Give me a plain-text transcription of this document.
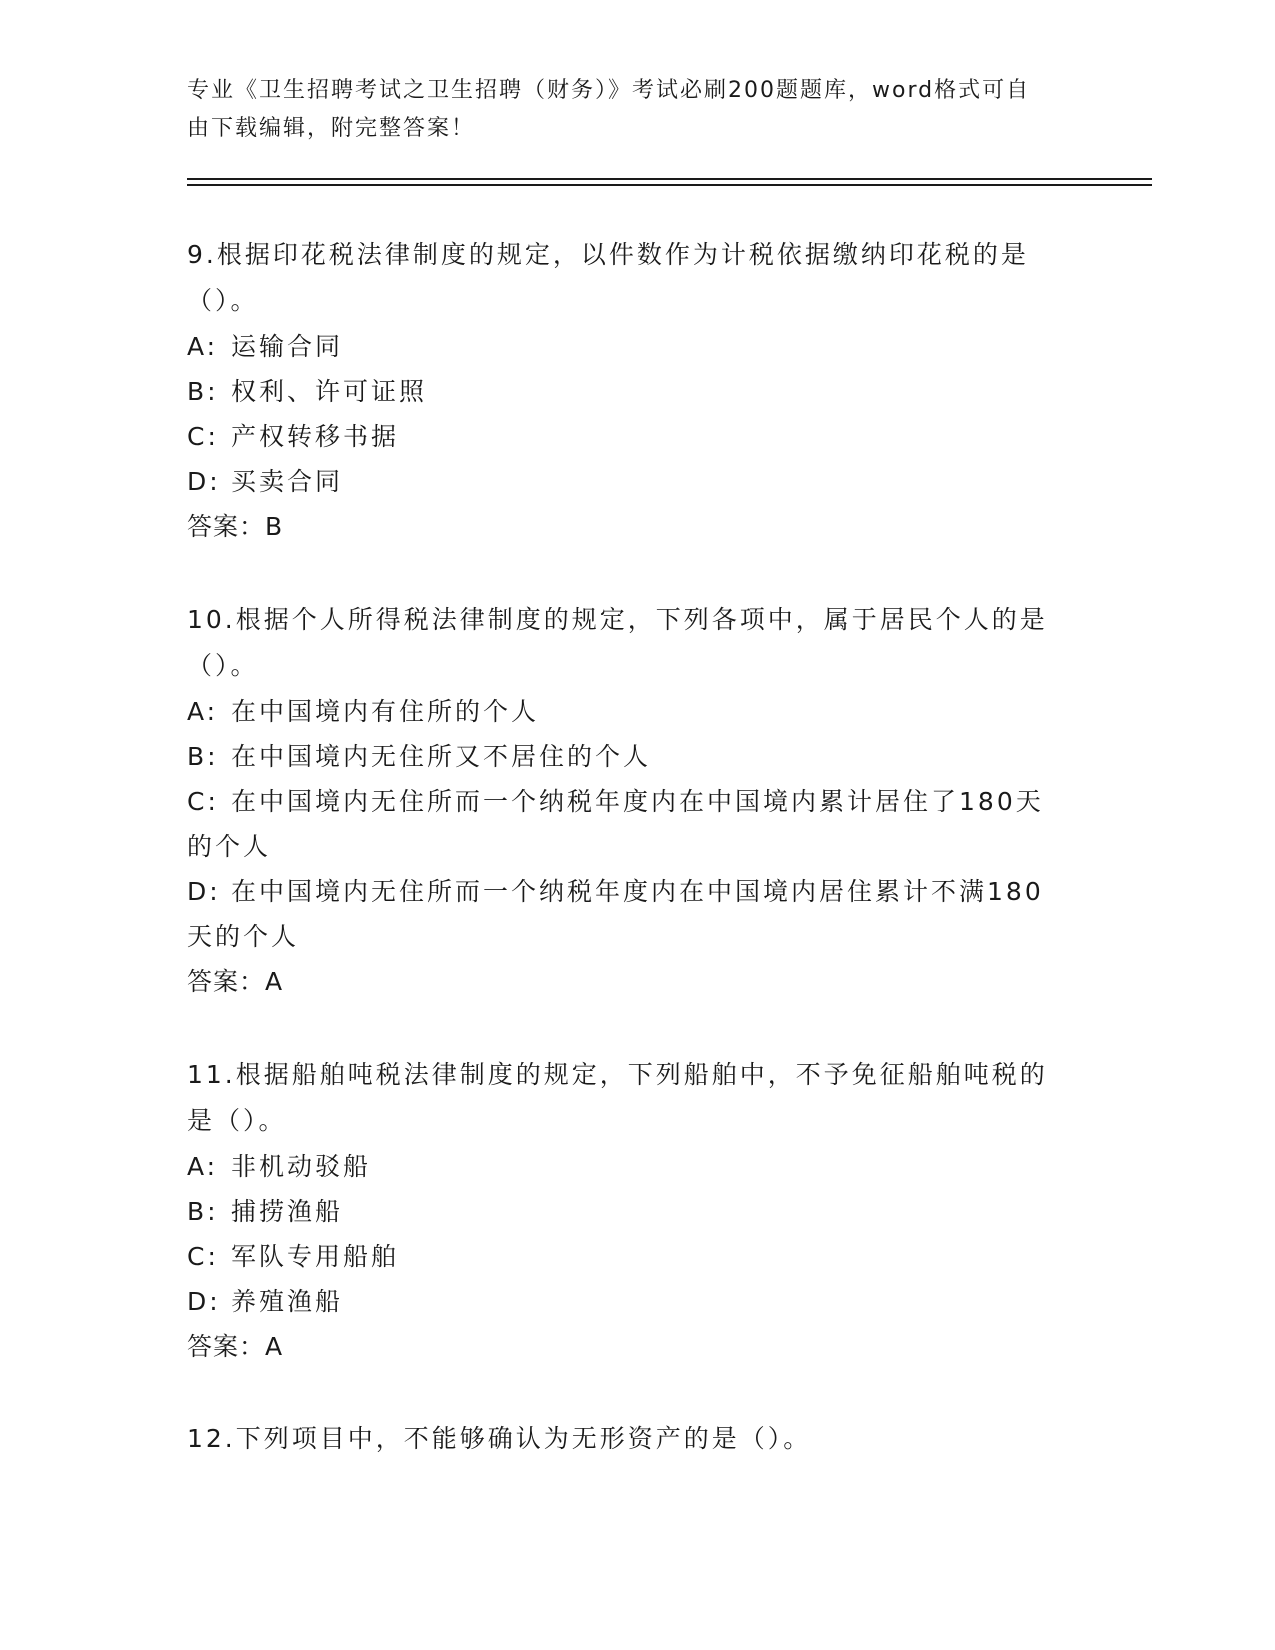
专业《卫生招聘考试之卫生招聘（财务）》考试必刷200题题库，word格式可自
由下载编辑，附完整答案！

9.根据印花税法律制度的规定，以件数作为计税依据缴纳印花税的是

（）。

A: 运输合同

B: 权利、许可证照

C: 产权转移书据

D: 买卖合同

答案：B

10.根据个人所得税法律制度的规定，下列各项中，属于居民个人的是

（）。

A: 在中国境内有住所的个人

B: 在中国境内无住所又不居住的个人

C: 在中国境内无住所而一个纳税年度内在中国境内累计居住了180天

的个人

D: 在中国境内无住所而一个纳税年度内在中国境内居住累计不满180

天的个人

答案：A

11.根据船舶吨税法律制度的规定，下列船舶中，不予免征船舶吨税的

是（）。

A: 非机动驳船

B: 捕捞渔船

C: 军队专用船舶

D: 养殖渔船

答案：A

12.下列项目中，不能够确认为无形资产的是（）。
